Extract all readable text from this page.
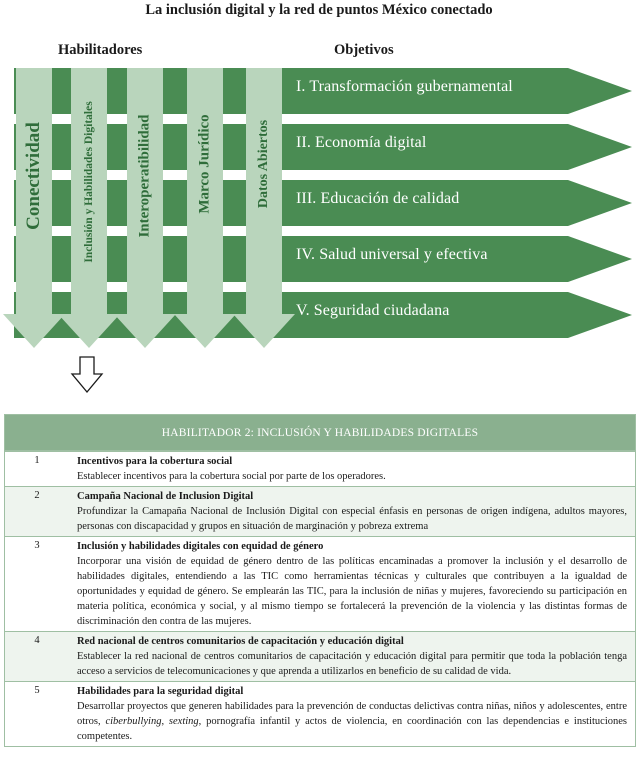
La inclusión digital y la red de puntos México conectado
Habilitadores	Objetivos
I. Transformación gubernamental
II. Economía digital
III. Educación de calidad
IV. Salud universal y efectiva
V. Seguridad ciudadana
Conectividad	Inclusión y Habilidades Digitales	Interoperatibilidad	Marco Jurídico	Datos Abiertos
HABILITADOR 2: INCLUSIÓN Y HABILIDADES DIGITALES
1	Incentivos para la cobertura social
Establecer incentivos para la cobertura social por parte de los operadores.
2	Campaña Nacional de Inclusion Digital
Profundizar la Camapaña Nacional de Inclusión Digital con especial énfasis en personas de origen indígena, adultos mayores, personas con discapacidad y grupos en situación de marginación y pobreza extrema
3	Inclusión y habilidades digitales con equidad de género
Incorporar una visión de equidad de género dentro de las políticas encaminadas a promover la inclusión y el desarrollo de habilidades digitales, entendiendo a las TIC como herramientas técnicas y culturales que contribuyen a la igualdad de oportunidades y equidad de género. Se emplearán las TIC, para la inclusión de niñas y mujeres, favoreciendo su participación en materia política, económica y social, y al mismo tiempo se fortalecerá la prevención de la violencia y las distintas formas de discriminación den contra de las mujeres.
4	Red nacional de centros comunitarios de capacitación y educación digital
Establecer la red nacional de centros comunitarios de capacitación y educación digital para permitir que toda la población tenga acceso a servicios de telecomunicaciones y que aprenda a utilizarlos en beneficio de su calidad de vida.
5	Habilidades para la seguridad digital
Desarrollar proyectos que generen habilidades para la prevención de conductas delictivas contra niñas, niños y adolescentes, entre otros, ciberbullying, sexting, pornografía infantil y actos de violencia, en coordinación con las dependencias e instituciones competentes.
